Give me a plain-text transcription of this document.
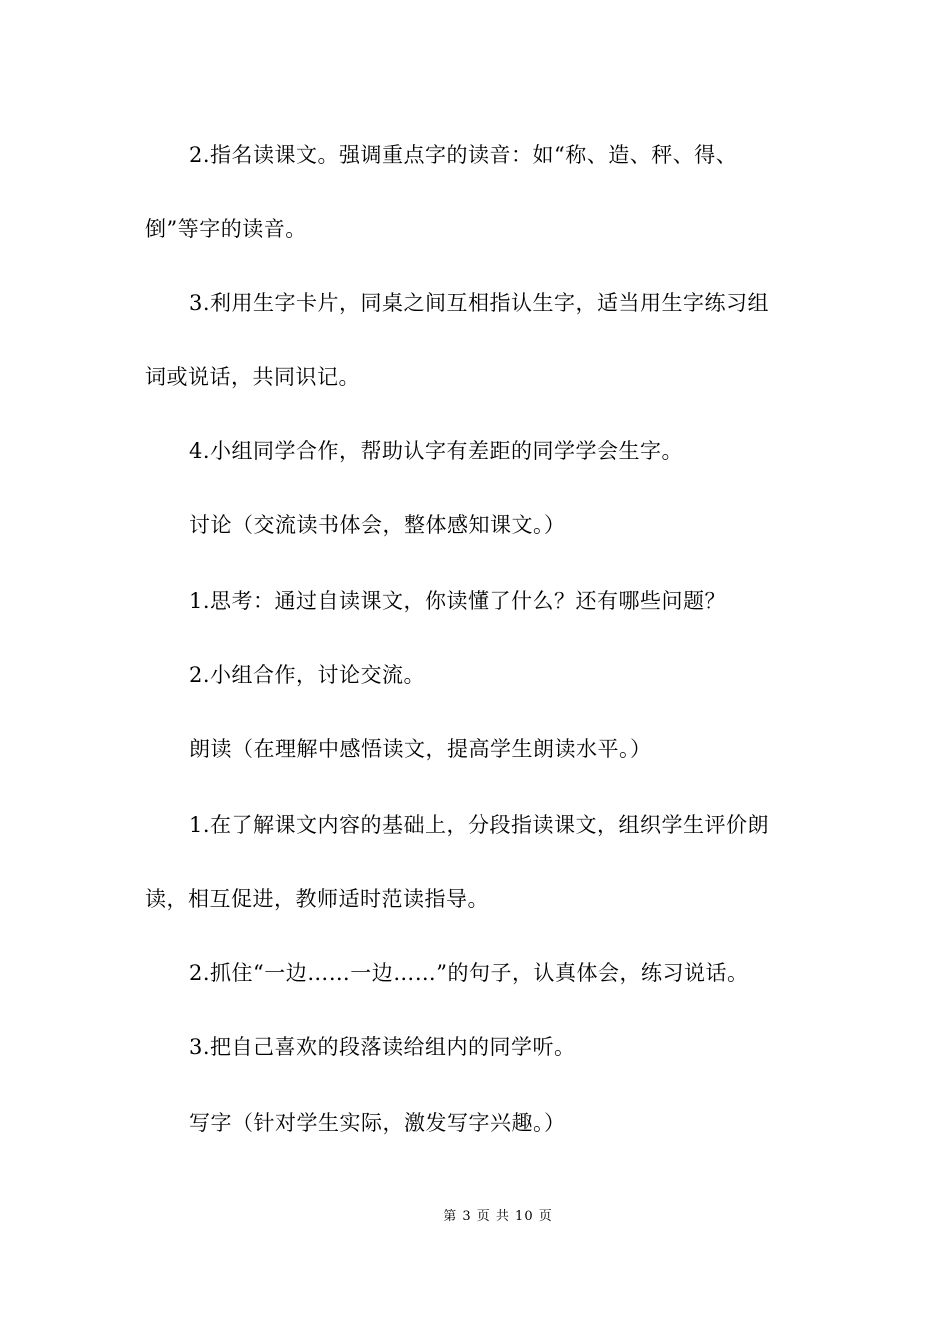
2.指名读课文。强调重点字的读音：如“称、造、秤、得、
倒”等字的读音。
3.利用生字卡片，同桌之间互相指认生字，适当用生字练习组
词或说话，共同识记。
4.小组同学合作，帮助认字有差距的同学学会生字。
讨论（交流读书体会，整体感知课文。）
1.思考：通过自读课文，你读懂了什么？还有哪些问题？
2.小组合作，讨论交流。
朗读（在理解中感悟读文，提高学生朗读水平。）
1.在了解课文内容的基础上，分段指读课文，组织学生评价朗
读，相互促进，教师适时范读指导。
2.抓住“一边……一边……”的句子，认真体会，练习说话。
3.把自己喜欢的段落读给组内的同学听。
写字（针对学生实际，激发写字兴趣。）
第 3 页 共 10 页
